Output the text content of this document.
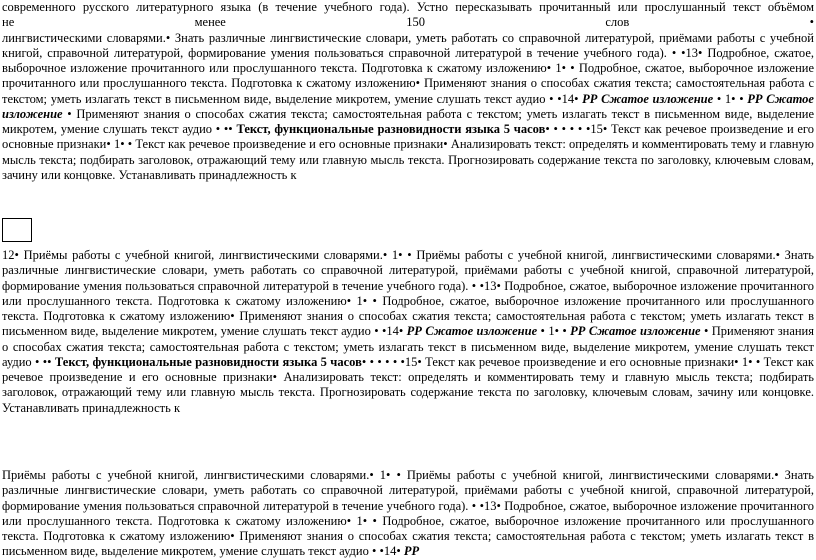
современного русского литературного языка (в течение учебного года). Устно пересказывать прочитанный или прослушанный текст объёмом
не	менее	150	слов	•
лингвистическими словарями.• Знать различные лингвистические словари, уметь работать со справочной литературой, приёмами работы с учебной книгой, справочной литературой, формирование умения пользоваться справочной литературой в течение учебного года). • •13• Подробное, сжатое, выборочное изложение прочитанного или прослушанного текста. Подготовка к сжатому изложению• 1• • Подробное, сжатое, выборочное изложение прочитанного или прослушанного текста. Подготовка к сжатому изложению• Применяют знания о способах сжатия текста; самостоятельная работа с текстом; уметь излагать текст в письменном виде, выделение микротем, умение слушать текст аудио • •14• РР Сжатое изложение • 1• • РР Сжатое изложение • Применяют знания о способах сжатия текста; самостоятельная работа с текстом; уметь излагать текст в письменном виде, выделение микротем, умение слушать текст аудио • •• Текст, функциональные разновидности языка 5 часов• • • • • •15• Текст как речевое произведение и его основные признаки• 1• • Текст как речевое произведение и его основные признаки• Анализировать текст: определять и комментировать тему и главную мысль текста; подбирать заголовок, отражающий тему или главную мысль текста. Прогнозировать содержание текста по заголовку, ключевым словам, зачину или концовке. Устанавливать принадлежность к
12• Приёмы работы с учебной книгой, лингвистическими словарями.• 1• • Приёмы работы с учебной книгой, лингвистическими словарями.• Знать различные лингвистические словари, уметь работать со справочной литературой, приёмами работы с учебной книгой, справочной литературой, формирование умения пользоваться справочной литературой в течение учебного года). • •13• Подробное, сжатое, выборочное изложение прочитанного или прослушанного текста. Подготовка к сжатому изложению• 1• • Подробное, сжатое, выборочное изложение прочитанного или прослушанного текста. Подготовка к сжатому изложению• Применяют знания о способах сжатия текста; самостоятельная работа с текстом; уметь излагать текст в письменном виде, выделение микротем, умение слушать текст аудио • •14• РР Сжатое изложение • 1• • РР Сжатое изложение • Применяют знания о способах сжатия текста; самостоятельная работа с текстом; уметь излагать текст в письменном виде, выделение микротем, умение слушать текст аудио • •• Текст, функциональные разновидности языка 5 часов• • • • • •15• Текст как речевое произведение и его основные признаки• 1• • Текст как речевое произведение и его основные признаки• Анализировать текст: определять и комментировать тему и главную мысль текста; подбирать заголовок, отражающий тему или главную мысль текста. Прогнозировать содержание текста по заголовку, ключевым словам, зачину или концовке. Устанавливать принадлежность к
Приёмы работы с учебной книгой, лингвистическими словарями.• 1• • Приёмы работы с учебной книгой, лингвистическими словарями.• Знать различные лингвистические словари, уметь работать со справочной литературой, приёмами работы с учебной книгой, справочной литературой, формирование умения пользоваться справочной литературой в течение учебного года). • •13• Подробное, сжатое, выборочное изложение прочитанного или прослушанного текста. Подготовка к сжатому изложению• 1• • Подробное, сжатое, выборочное изложение прочитанного или прослушанного текста. Подготовка к сжатому изложению• Применяют знания о способах сжатия текста; самостоятельная работа с текстом; уметь излагать текст в письменном виде, выделение микротем, умение слушать текст аудио • •14• РР
